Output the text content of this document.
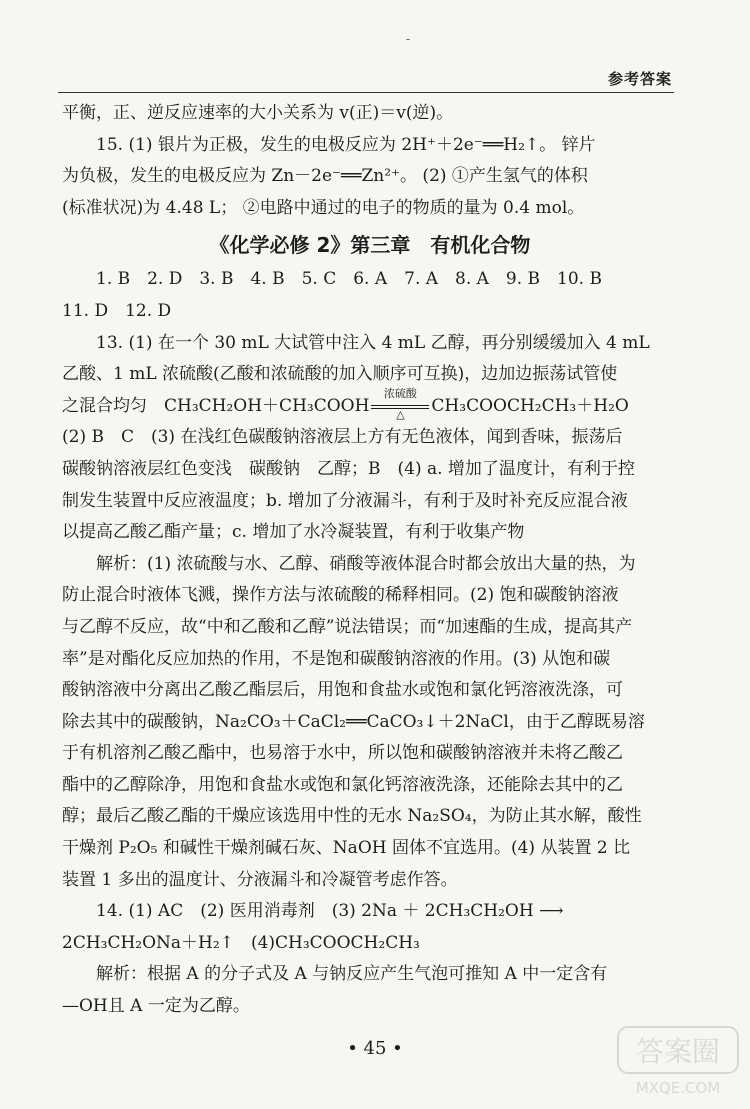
-
参考答案

平衡，正、逆反应速率的大小关系为 v(正)＝v(逆)。

15. (1) 银片为正极，发生的电极反应为 2H⁺＋2e⁻══H₂↑。 锌片

为负极，发生的电极反应为 Zn－2e⁻══Zn²⁺。 (2) ①产生氢气的体积

(标准状况)为 4.48 L； ②电路中通过的电子的物质的量为 0.4 mol。

《化学必修 2》第三章　有机化合物

1. B　2. D　3. B　4. B　5. C　6. A　7. A　8. A　9. B　10. B

11. D　12. D

13. (1) 在一个 30 mL 大试管中注入 4 mL 乙醇，再分别缓缓加入 4 mL

乙酸、1 mL 浓硫酸(乙酸和浓硫酸的加入顺序可互换)，边加边振荡试管使

之混合均匀　CH₃CH₂OH＋CH₃COOH
浓硫酸
△	CH₃COOCH₂CH₃＋H₂O

(2) B　C　(3) 在浅红色碳酸钠溶液层上方有无色液体，闻到香味，振荡后

碳酸钠溶液层红色变浅　碳酸钠　乙醇；B　(4) a. 增加了温度计，有利于控

制发生装置中反应液温度；b. 增加了分液漏斗，有利于及时补充反应混合液

以提高乙酸乙酯产量；c. 增加了水冷凝装置，有利于收集产物

解析：(1) 浓硫酸与水、乙醇、硝酸等液体混合时都会放出大量的热，为

防止混合时液体飞溅，操作方法与浓硫酸的稀释相同。(2) 饱和碳酸钠溶液

与乙醇不反应，故“中和乙酸和乙醇”说法错误；而“加速酯的生成，提高其产

率”是对酯化反应加热的作用，不是饱和碳酸钠溶液的作用。(3) 从饱和碳

酸钠溶液中分离出乙酸乙酯层后，用饱和食盐水或饱和氯化钙溶液洗涤，可

除去其中的碳酸钠，Na₂CO₃＋CaCl₂══CaCO₃↓＋2NaCl，由于乙醇既易溶

于有机溶剂乙酸乙酯中，也易溶于水中，所以饱和碳酸钠溶液并未将乙酸乙

酯中的乙醇除净，用饱和食盐水或饱和氯化钙溶液洗涤，还能除去其中的乙

醇；最后乙酸乙酯的干燥应该选用中性的无水 Na₂SO₄，为防止其水解，酸性

干燥剂 P₂O₅ 和碱性干燥剂碱石灰、NaOH 固体不宜选用。(4) 从装置 2 比

装置 1 多出的温度计、分液漏斗和冷凝管考虑作答。

14. (1) AC　(2) 医用消毒剂　(3) 2Na ＋ 2CH₃CH₂OH ⟶

2CH₃CH₂ONa＋H₂↑　(4)CH₃COOCH₂CH₃

解析：根据 A 的分子式及 A 与钠反应产生气泡可推知 A 中一定含有

—OH且 A 一定为乙醇。

• 45 •	答案圈
MXQE.COM
